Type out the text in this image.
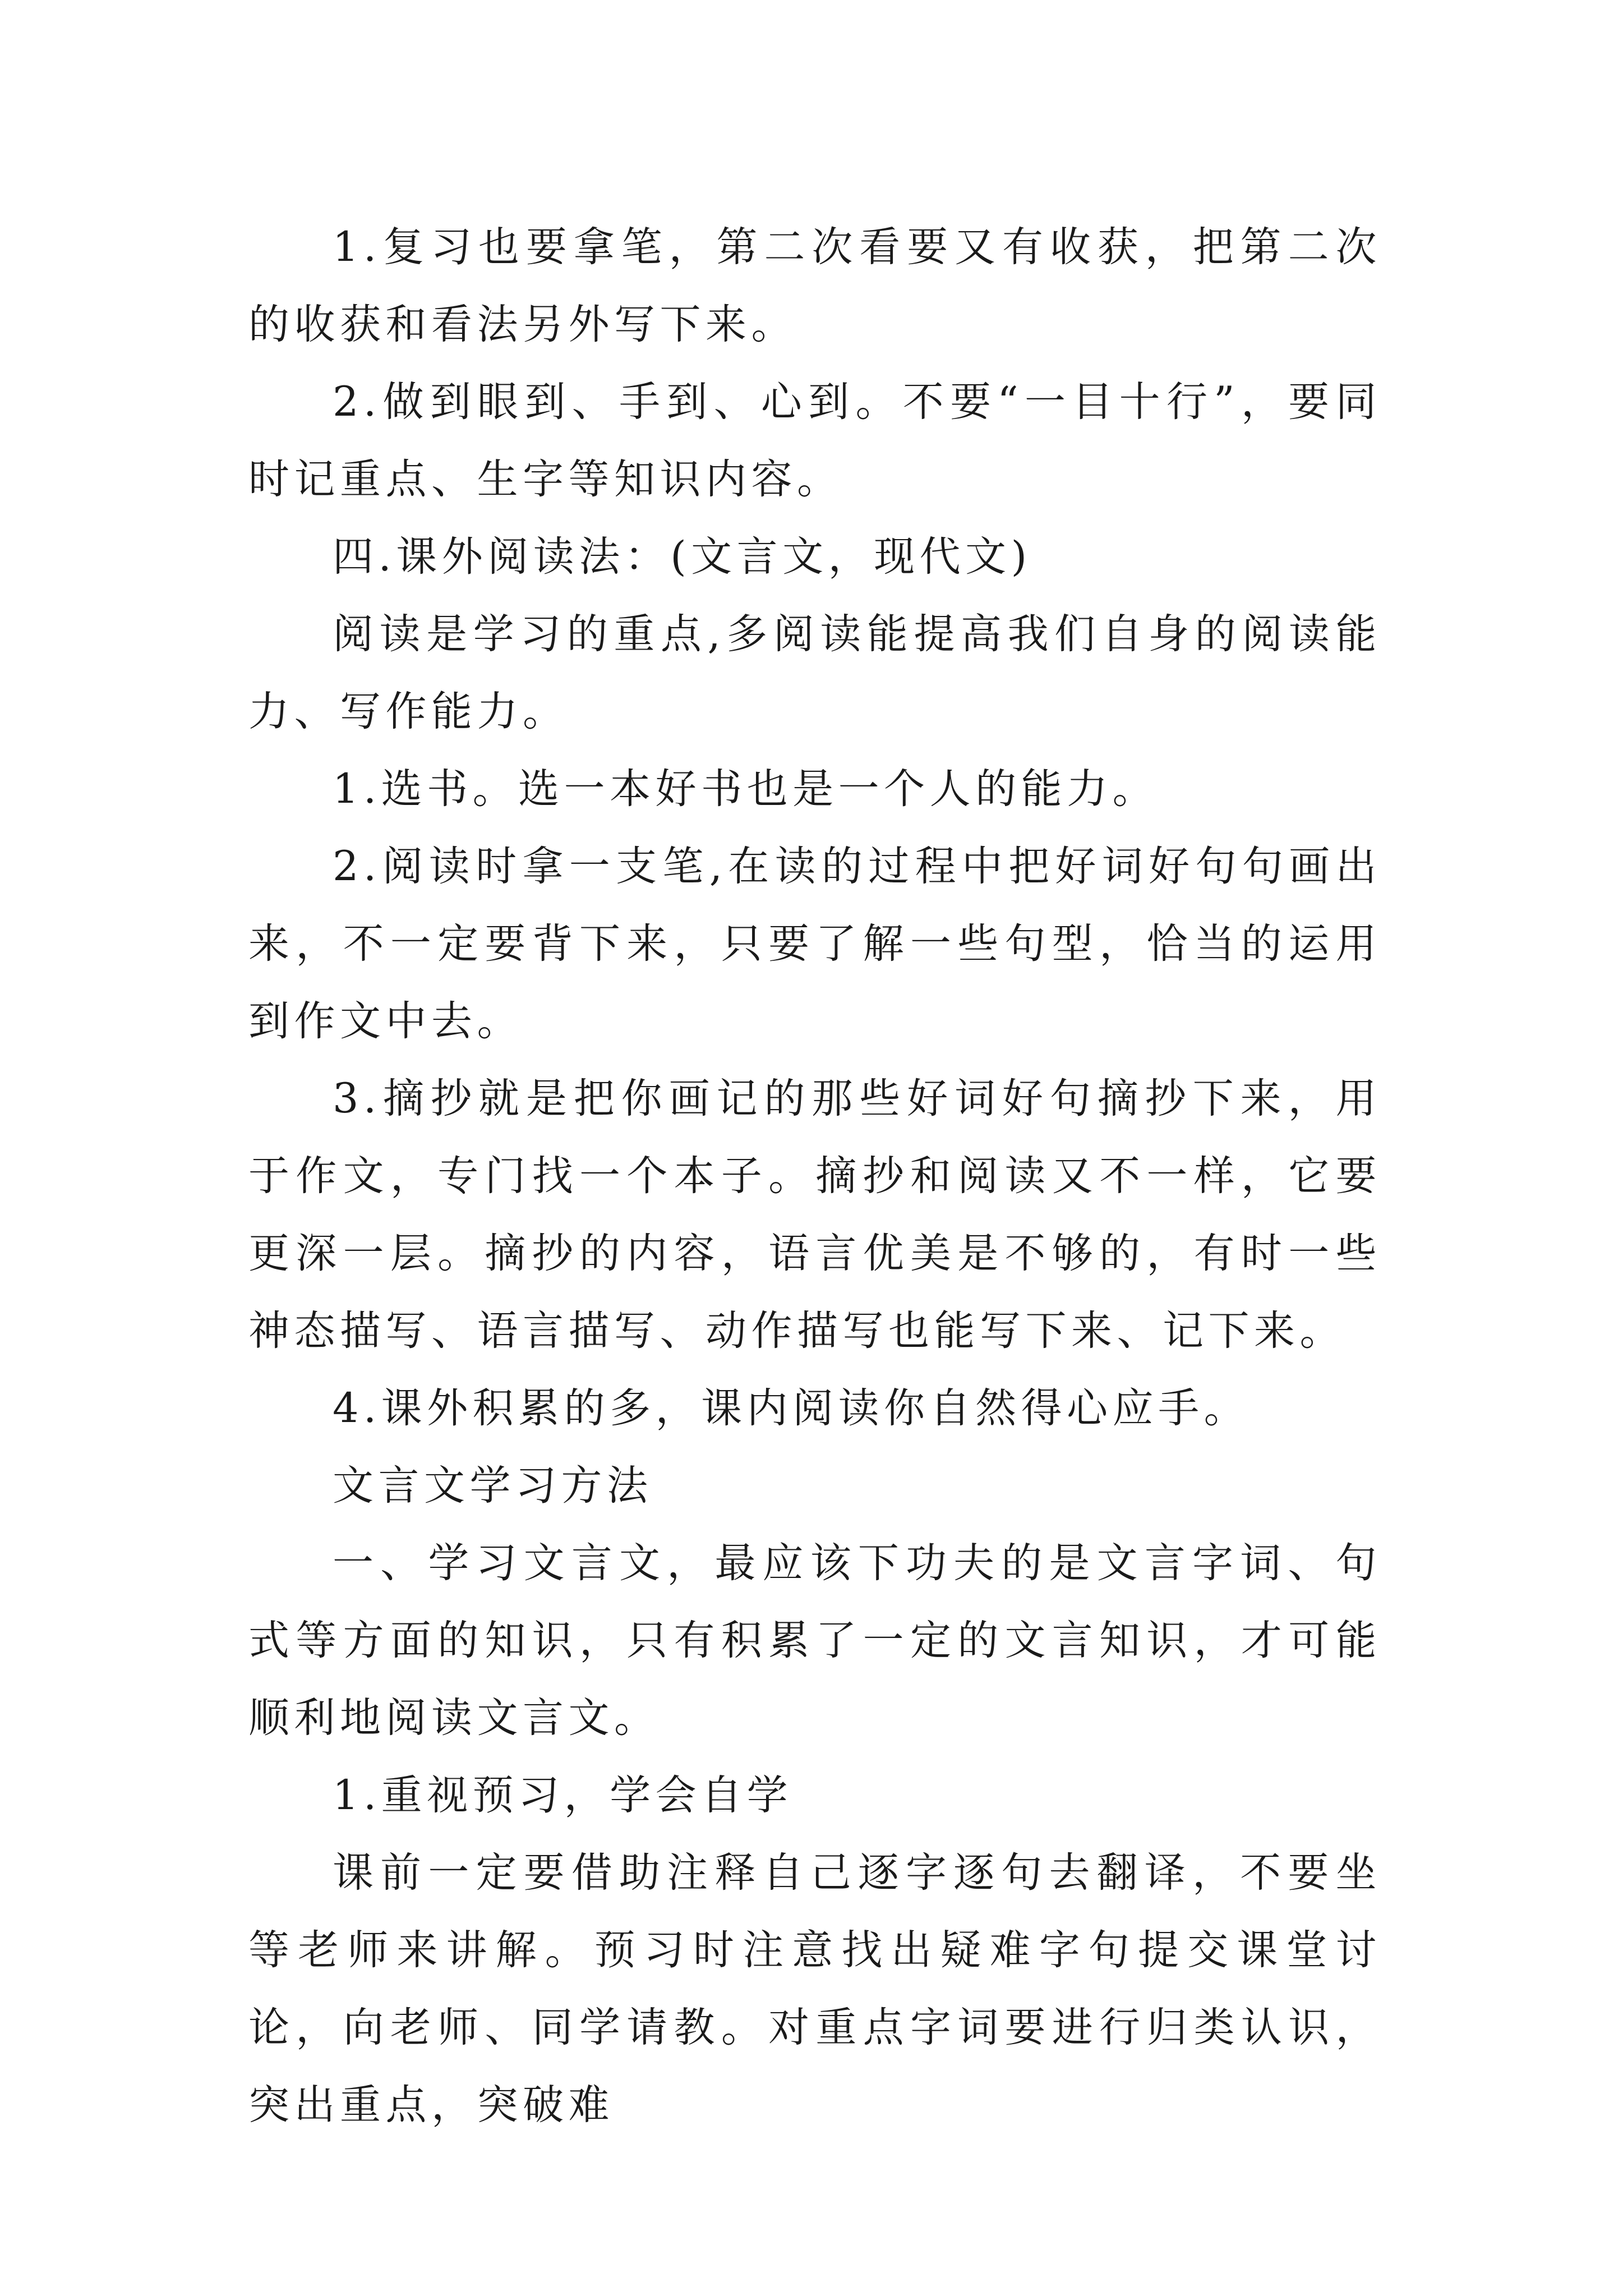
1.复习也要拿笔，第二次看要又有收获，把第二次的收获和看法另外写下来。

2.做到眼到、手到、心到。不要“一目十行”，要同时记重点、生字等知识内容。

四.课外阅读法：(文言文，现代文)

阅读是学习的重点,多阅读能提高我们自身的阅读能力、写作能力。

1.选书。选一本好书也是一个人的能力。

2.阅读时拿一支笔,在读的过程中把好词好句句画出来，不一定要背下来，只要了解一些句型，恰当的运用到作文中去。

3.摘抄就是把你画记的那些好词好句摘抄下来，用于作文，专门找一个本子。摘抄和阅读又不一样，它要更深一层。摘抄的内容，语言优美是不够的，有时一些神态描写、语言描写、动作描写也能写下来、记下来。

4.课外积累的多，课内阅读你自然得心应手。

文言文学习方法

一、学习文言文，最应该下功夫的是文言字词、句式等方面的知识，只有积累了一定的文言知识，才可能顺利地阅读文言文。

1.重视预习，学会自学

课前一定要借助注释自己逐字逐句去翻译，不要坐等老师来讲解。预习时注意找出疑难字句提交课堂讨论，向老师、同学请教。对重点字词要进行归类认识，突出重点，突破难
